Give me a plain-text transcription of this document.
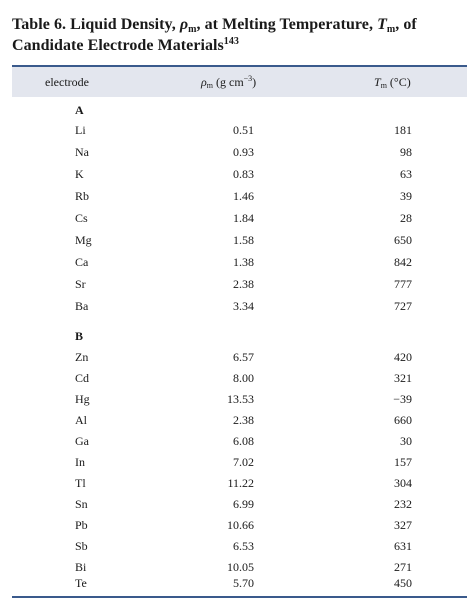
Table 6. Liquid Density, $\rho_m$, at Melting Temperature, $T_m$, of Candidate Electrode Materials$^{143}$
electrode	$\rho_m$ (g $cm^{-3}$)	$T_m$ (°C)
A
Li	0.51	181
Na	0.93	98
K	0.83	63
Rb	1.46	39
Cs	1.84	28
Mg	1.58	650
Ca	1.38	842
Sr	2.38	777
Ba	3.34	727
B
Zn	6.57	420
Cd	8.00	321
Hg	13.53	−39
Al	2.38	660
Ga	6.08	30
In	7.02	157
Tl	11.22	304
Sn	6.99	232
Pb	10.66	327
Sb	6.53	631
Bi	10.05	271
Te	5.70	450
